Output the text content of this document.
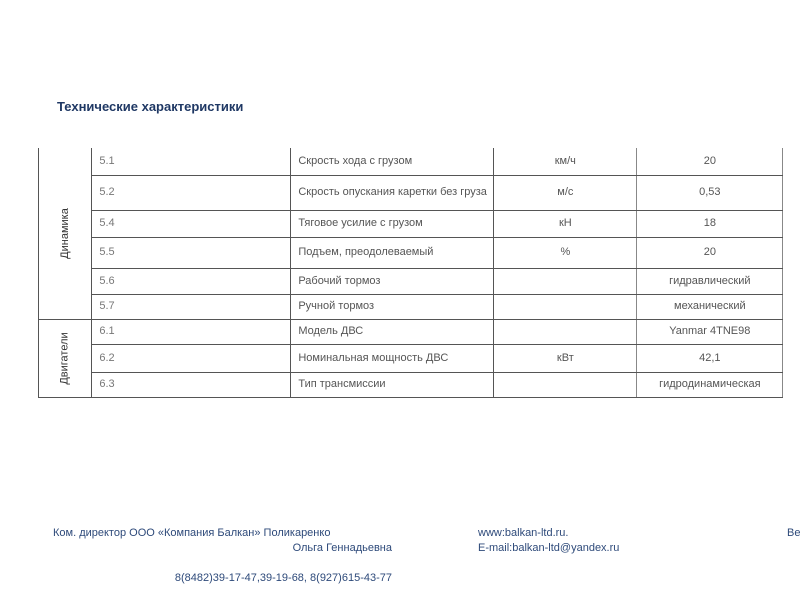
Технические характеристики
Динамика	5.1	Скрость хода с грузом	км/ч	20
	5.2	Скрость опускания каретки без груза	м/с	0,53
	5.4	Тяговое усилие с грузом	кН	18
	5.5	Подъем, преодолеваемый	%	20
	5.6	Рабочий тормоз		гидравлический
	5.7	Ручной тормоз		механический
Двигатели	6.1	Модель ДВС		Yanmar 4TNE98
	6.2	Номинальная мощность ДВС	кВт	42,1
	6.3	Тип трансмиссии		гидродинамическая
Ком. директор ООО «Компания Балкан» Поликаренко
Ольга Геннадьевна
8(8482)39-17-47,39-19-68, 8(927)615-43-77
www:balkan-ltd.ru.
E-mail:balkan-ltd@yandex.ru
Ве
